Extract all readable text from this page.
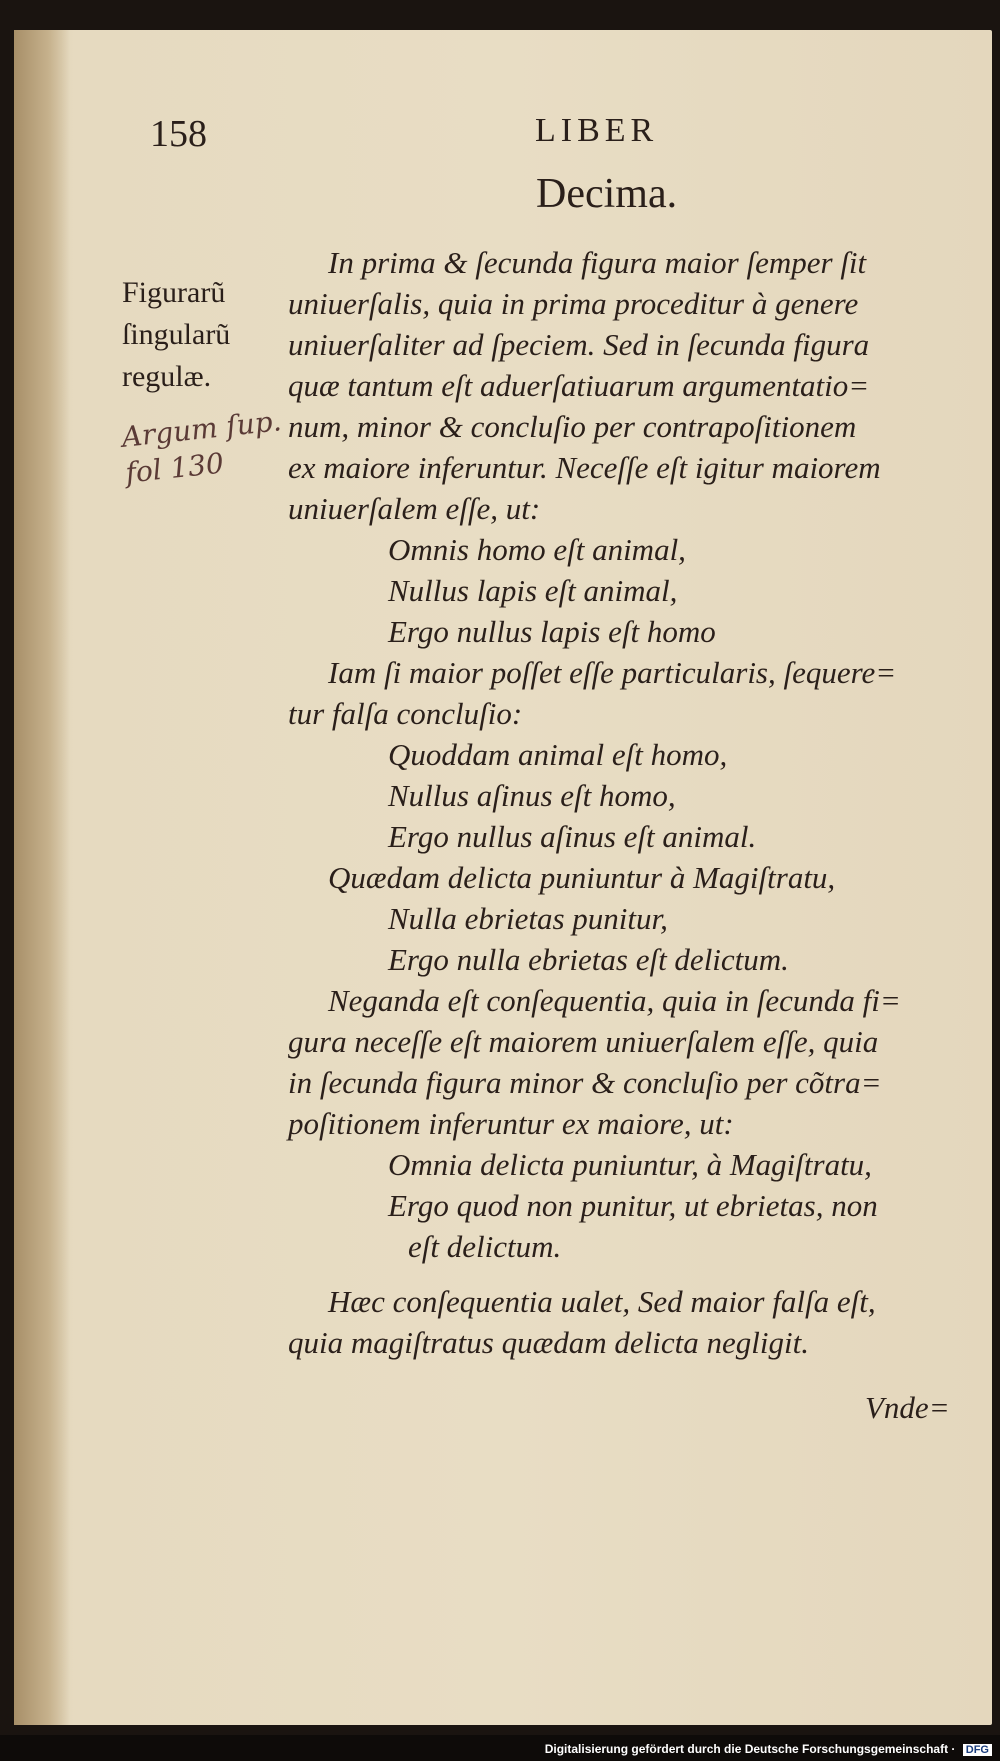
158	LIBER
Decima.
Figurarũ
ſingularũ
regulæ.
Argum ſup.
fol 130
In prima & ſecunda figura maior ſemper ſit
uniuerſalis, quia in prima proceditur à genere
uniuerſaliter ad ſpeciem. Sed in ſecunda figura
quæ tantum eſt aduerſatiuarum argumentatio=
num, minor & concluſio per contrapoſitionem
ex maiore inferuntur. Neceſſe eſt igitur maiorem
uniuerſalem eſſe, ut:
Omnis homo eſt animal,
Nullus lapis eſt animal,
Ergo nullus lapis eſt homo
Iam ſi maior poſſet eſſe particularis, ſequere=
tur falſa concluſio:
Quoddam animal eſt homo,
Nullus aſinus eſt homo,
Ergo nullus aſinus eſt animal.
Quædam delicta puniuntur à Magiſtratu,
Nulla ebrietas punitur,
Ergo nulla ebrietas eſt delictum.
Neganda eſt conſequentia, quia in ſecunda fi=
gura neceſſe eſt maiorem uniuerſalem eſſe, quia
in ſecunda figura minor & concluſio per cõtra=
poſitionem inferuntur ex maiore, ut:
Omnia delicta puniuntur, à Magiſtratu,
Ergo quod non punitur, ut ebrietas, non
eſt delictum.
Hæc conſequentia ualet, Sed maior falſa eſt,
quia magiſtratus quædam delicta negligit.
Vnde=
Digitalisierung gefördert durch die Deutsche Forschungsgemeinschaft · DFG
